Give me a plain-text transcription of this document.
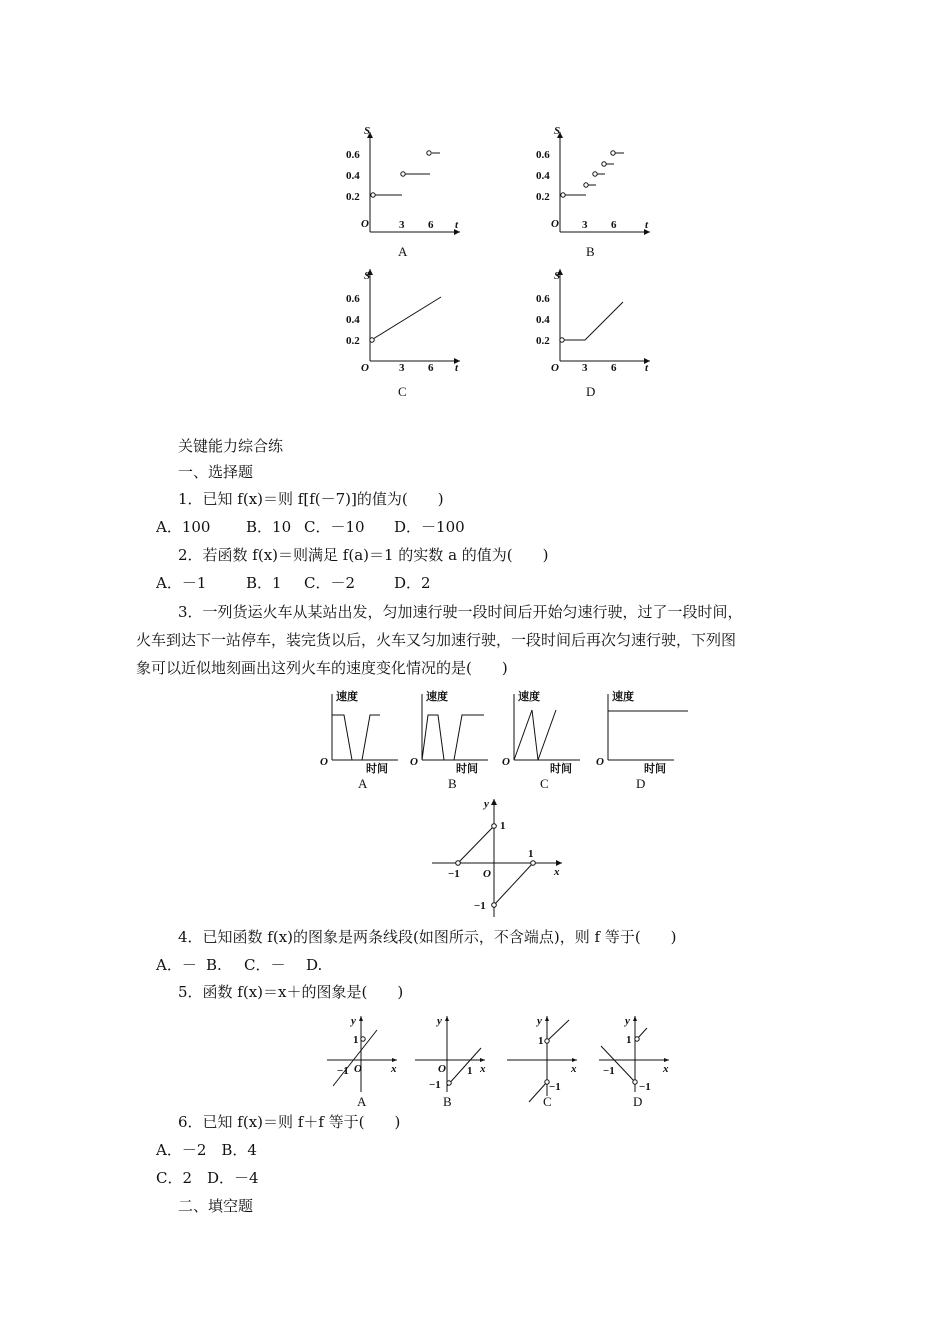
S
t
O
0.6
0.4
0.2
3 6
A
S
t
O
0.6
0.4
0.2
3 6
B
S
t
O
0.6
0.4
0.2
3 6
C
S
t
O
0.6
0.4
0.2
3 6
D
关键能力综合练
一、选择题
1．已知 f(x)＝则 f[f(－7)]的值为(　　)
A．100 B．10 C．－10 D．－100
2．若函数 f(x)＝则满足 f(a)＝1 的实数 a 的值为(　　)
A．－1	B．1 C．－2	D．2
3．一列货运火车从某站出发，匀加速行驶一段时间后开始匀速行驶，过了一段时间，
火车到达下一站停车，装完货以后，火车又匀加速行驶，一段时间后再次匀速行驶，下列图
象可以近似地刻画出这列火车的速度变化情况的是(　　)
速度
时间
O
A
速度
时间
O
B
速度
时间
O
C
速度
时间
O
D
y
x
O
1
1
−1
−1
4．已知函数 f(x)的图象是两条线段(如图所示，不含端点)，则 f 等于(　　)
A．－ B. C．－ D.
5．函数 f(x)＝x＋的图象是(　　)
y
x
O
1
−1
A
y
x
O 1
−1
B
y
x
1
−1
C
y
x
1
−1
−1
D
6．已知 f(x)＝则 f＋f 等于(　　)
A．－2　B．4
C．2　D．－4
二、填空题
